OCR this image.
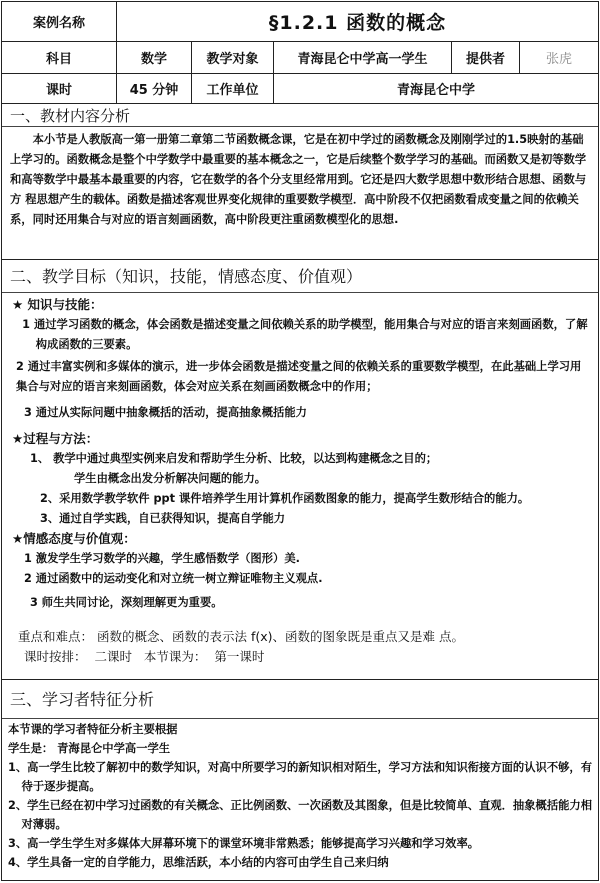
案例名称	§1.2.1 函数的概念
科目	数学	教学对象	青海昆仑中学高一学生	提供者	张虎
课时	45 分钟	工作单位	青海昆仑中学
一、教材内容分析

本小节是人教版高一第一册第二章第二节函数概念课，它是在初中学过的函数概念及刚刚学过的1.5映射的基础上学习的。函数概念是整个中学数学中最重要的基本概念之一，它是后续整个数学学习的基础。而函数又是初等数学和高等数学中最基本最重要的内容，它在数学的各个分支里经常用到。它还是四大数学思想中数形结合思想、函数与方 程思想产生的载体。函数是描述客观世界变化规律的重要数学模型．高中阶段不仅把函数看成变量之间的依赖关系，同时还用集合与对应的语言刻画函数，高中阶段更注重函数模型化的思想.

二、教学目标（知识，技能，情感态度、价值观）

★ 知识与技能：

1 通过学习函数的概念，体会函数是描述变量之间依赖关系的助学模型，能用集合与对应的语言来刻画函数，了解构成函数的三要素。

2 通过丰富实例和多媒体的演示，进一步体会函数是描述变量之间的依赖关系的重要数学模型，在此基础上学习用集合与对应的语言来刻画函数，体会对应关系在刻画函数概念中的作用；

3 通过从实际问题中抽象概括的活动，提高抽象概括能力

★过程与方法：

1、 教学中通过典型实例来启发和帮助学生分析、比较，以达到构建概念之目的；

学生由概念出发分析解决问题的能力。

2、采用数学教学软件 ppt 课件培养学生用计算机作函数图象的能力，提高学生数形结合的能力。

3、通过自学实践，自已获得知识，提高自学能力

★情感态度与价值观：

1 激发学生学习数学的兴趣，学生感悟数学（图形）美.

2 通过函数中的运动变化和对立统一树立辩证唯物主义观点.

3 师生共同讨论，深刻理解更为重要。

重点和难点： 函数的概念、函数的表示法 f(x)、函数的图象既是重点又是难 点。

课时按排：  二课时   本节课为：  第一课时

三、学习者特征分析

本节课的学习者特征分析主要根据

学生是： 青海昆仑中学高一学生

1、高一学生比较了解初中的数学知识，对高中所要学习的新知识相对陌生，学习方法和知识衔接方面的认识不够，有待于逐步提高。

2、学生已经在初中学习过函数的有关概念、正比例函数、一次函数及其图象，但是比较简单、直观．抽象概括能力相对薄弱。

3、高一学生学生对多媒体大屏幕环境下的课堂环境非常熟悉；能够提高学习兴趣和学习效率。

4、学生具备一定的自学能力，思维活跃，本小结的内容可由学生自己来归纳
